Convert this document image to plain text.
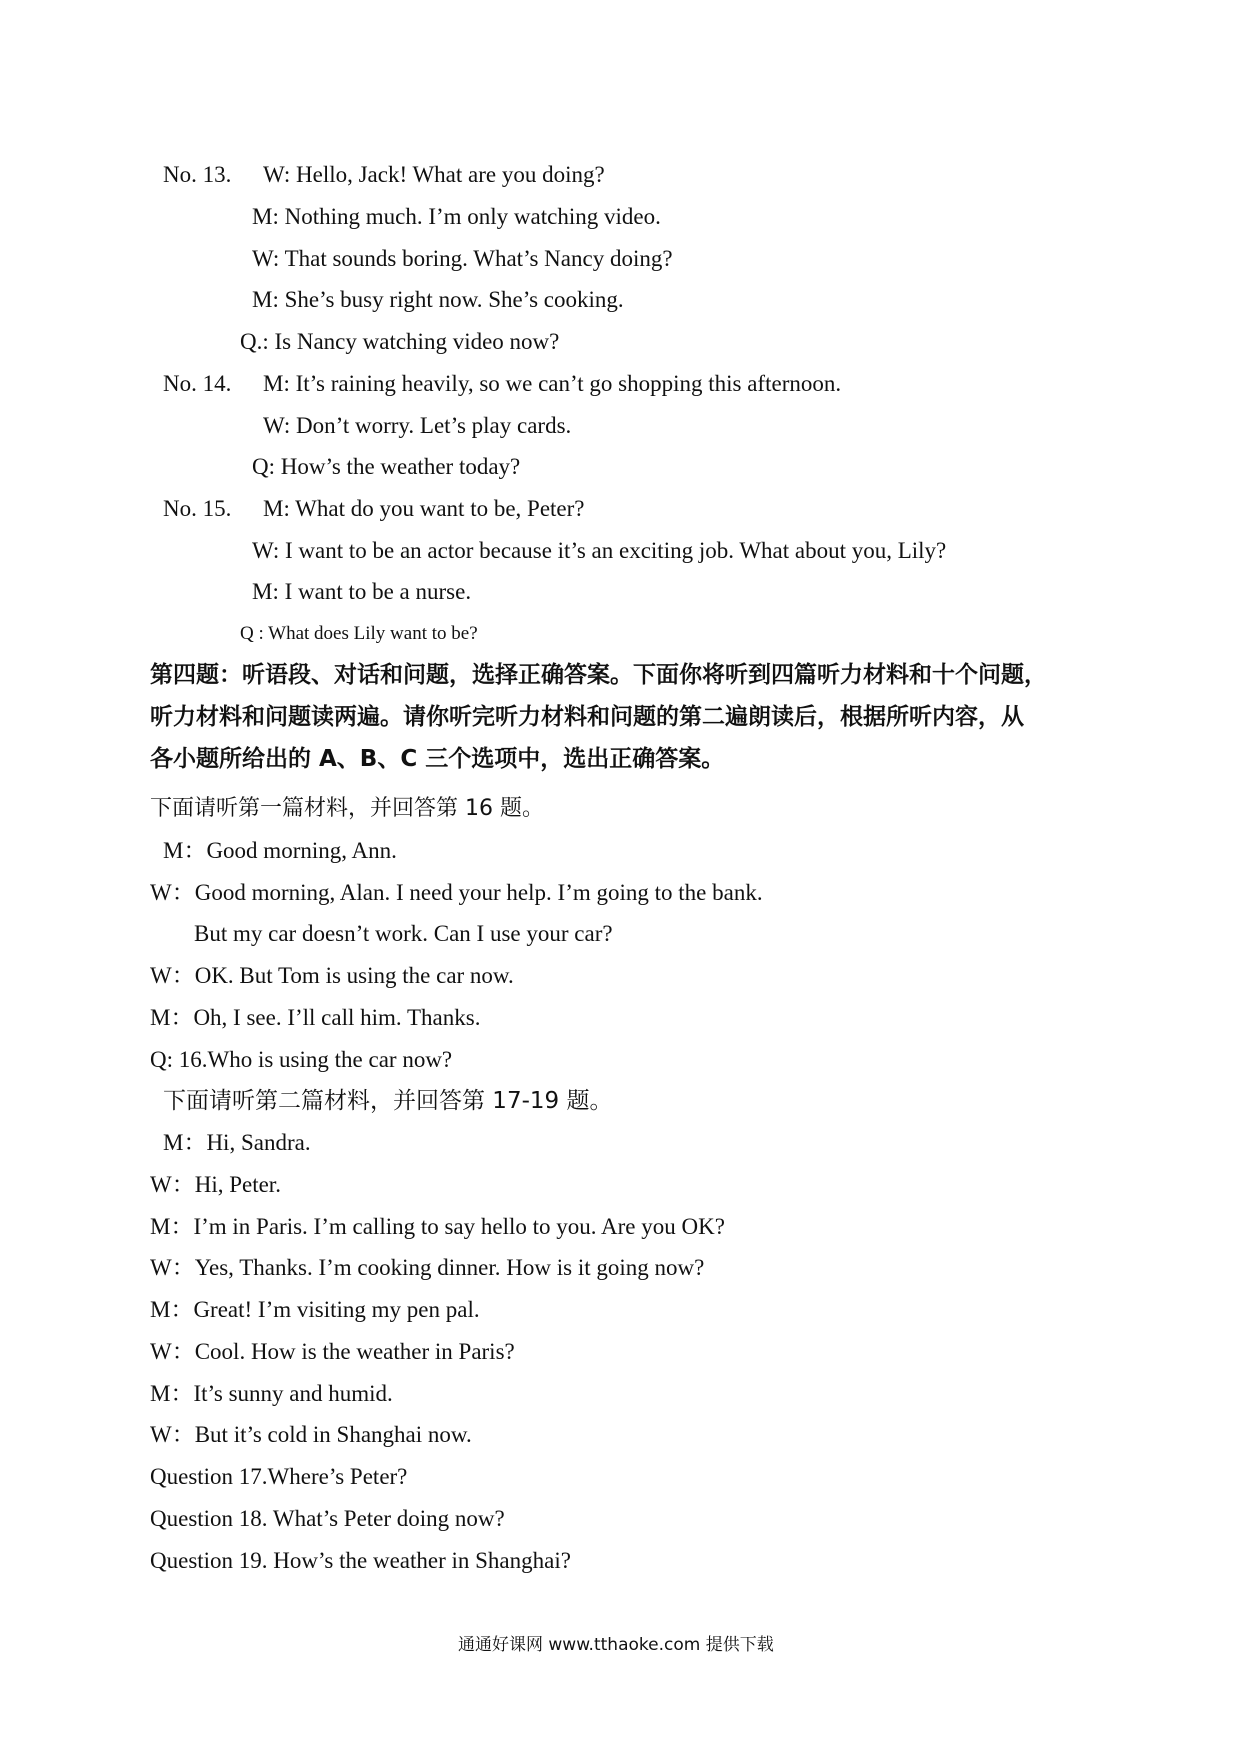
No. 13. W: Hello, Jack! What are you doing?
M: Nothing much. I’m only watching video.
W: That sounds boring. What’s Nancy doing?
M: She’s busy right now. She’s cooking.
Q.: Is Nancy watching video now?
No. 14. M: It’s raining heavily, so we can’t go shopping this afternoon.
W: Don’t worry. Let’s play cards.
Q: How’s the weather today?
No. 15. M: What do you want to be, Peter?
W: I want to be an actor because it’s an exciting job. What about you, Lily?
M: I want to be a nurse.
Q : What does Lily want to be?
第四题：听语段、对话和问题，选择正确答案。下面你将听到四篇听力材料和十个问题，
听力材料和问题读两遍。请你听完听力材料和问题的第二遍朗读后，根据所听内容，从
各小题所给出的 A、B、C 三个选项中，选出正确答案。
下面请听第一篇材料，并回答第 16 题。
M：Good morning, Ann.
W：Good morning, Alan. I need your help. I’m going to the bank.
But my car doesn’t work. Can I use your car?
W：OK. But Tom is using the car now.
M：Oh, I see. I’ll call him. Thanks.
Q: 16.Who is using the car now?
下面请听第二篇材料，并回答第 17-19 题。
M：Hi, Sandra.
W：Hi, Peter.
M：I’m in Paris. I’m calling to say hello to you. Are you OK?
W：Yes, Thanks. I’m cooking dinner. How is it going now?
M：Great! I’m visiting my pen pal.
W：Cool. How is the weather in Paris?
M：It’s sunny and humid.
W：But it’s cold in Shanghai now.
Question 17.Where’s Peter?
Question 18. What’s Peter doing now?
Question 19. How’s the weather in Shanghai?
通通好课网 www.tthaoke.com 提供下载
